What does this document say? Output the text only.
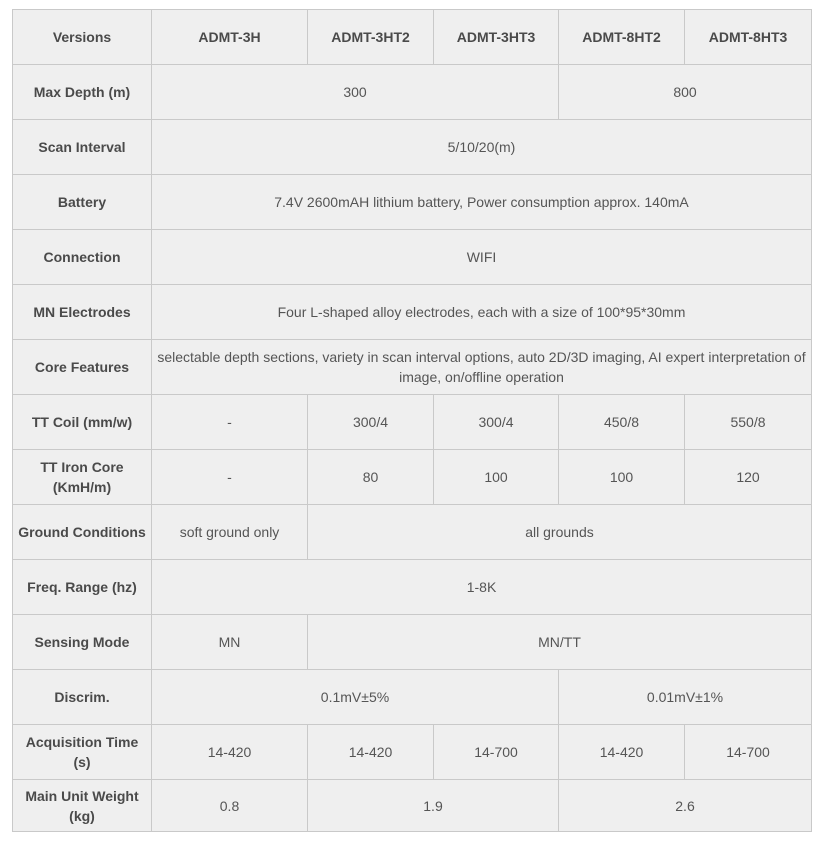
Versions	ADMT-3H	ADMT-3HT2	ADMT-3HT3	ADMT-8HT2	ADMT-8HT3
Max Depth (m)	300			800	
Scan Interval	5/10/20(m)				
Battery	7.4V 2600mAH lithium battery, Power consumption approx. 140mA				
Connection	WIFI				
MN Electrodes	Four L-shaped alloy electrodes, each with a size of 100*95*30mm				
Core Features	selectable depth sections, variety in scan interval options, auto 2D/3D imaging, AI expert interpretation of image, on/offline operation				
TT Coil (mm/w)	-	300/4	300/4	450/8	550/8
TT Iron Core (KmH/m)	-	80	100	100	120
Ground Conditions	soft ground only	all grounds			
Freq. Range (hz)	1-8K				
Sensing Mode	MN	MN/TT			
Discrim.	0.1mV±5%			0.01mV±1%	
Acquisition Time (s)	14-420	14-420	14-700	14-420	14-700
Main Unit Weight (kg)	0.8	1.9		2.6	
